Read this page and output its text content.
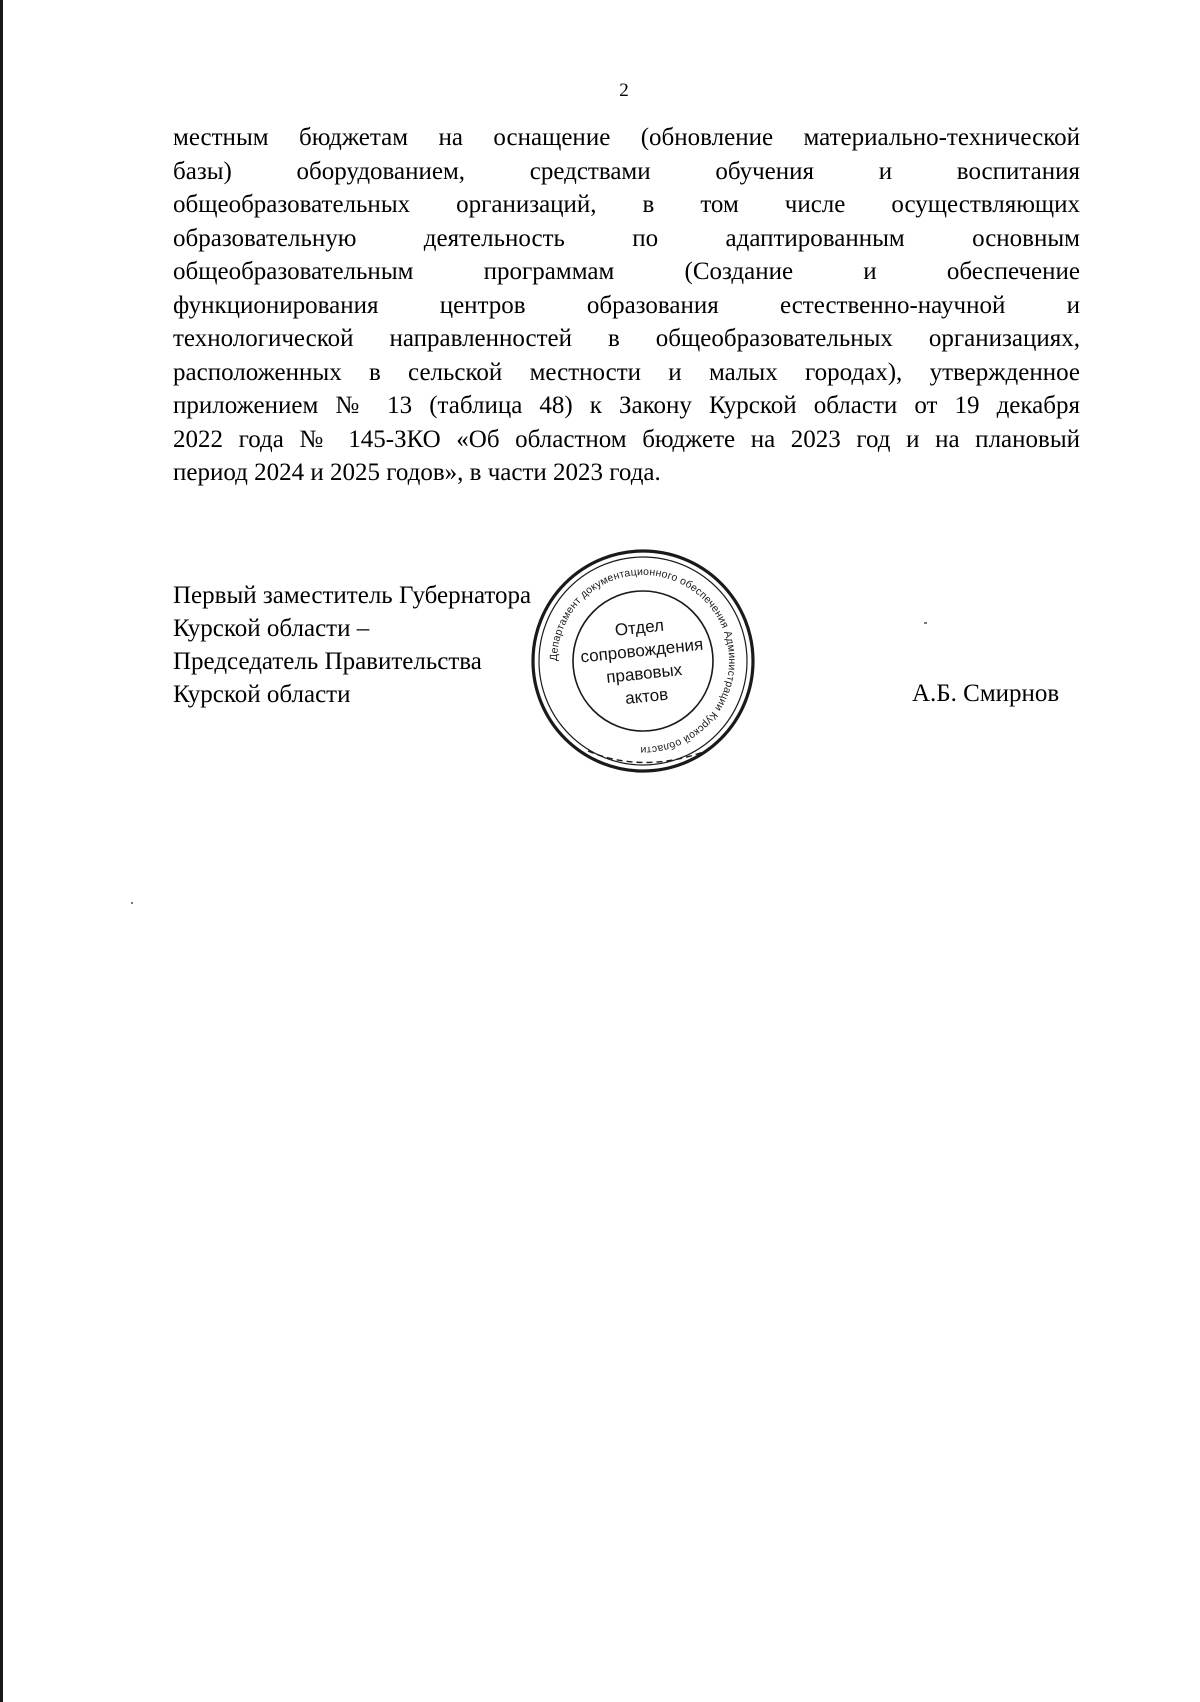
2
местным бюджетам на оснащение (обновление материально-технической
базы) оборудованием, средствами обучения и воспитания
общеобразовательных организаций, в том числе осуществляющих
образовательную деятельность по адаптированным основным
общеобразовательным программам (Создание и обеспечение
функционирования центров образования естественно-научной и
технологической направленностей в общеобразовательных организациях,
расположенных в сельской местности и малых городах), утвержденное
приложением № 13 (таблица 48) к Закону Курской области от 19 декабря
2022 года № 145-ЗКО «Об областном бюджете на 2023 год и на плановый
период 2024 и 2025 годов», в части 2023 года.
Первый заместитель Губернатора
Курской области –
Председатель Правительства
Курской области
Департамент документационного обеспечения Администрации Курской области
Отдел
сопровождения
правовых
актов	А.Б. Смирнов
